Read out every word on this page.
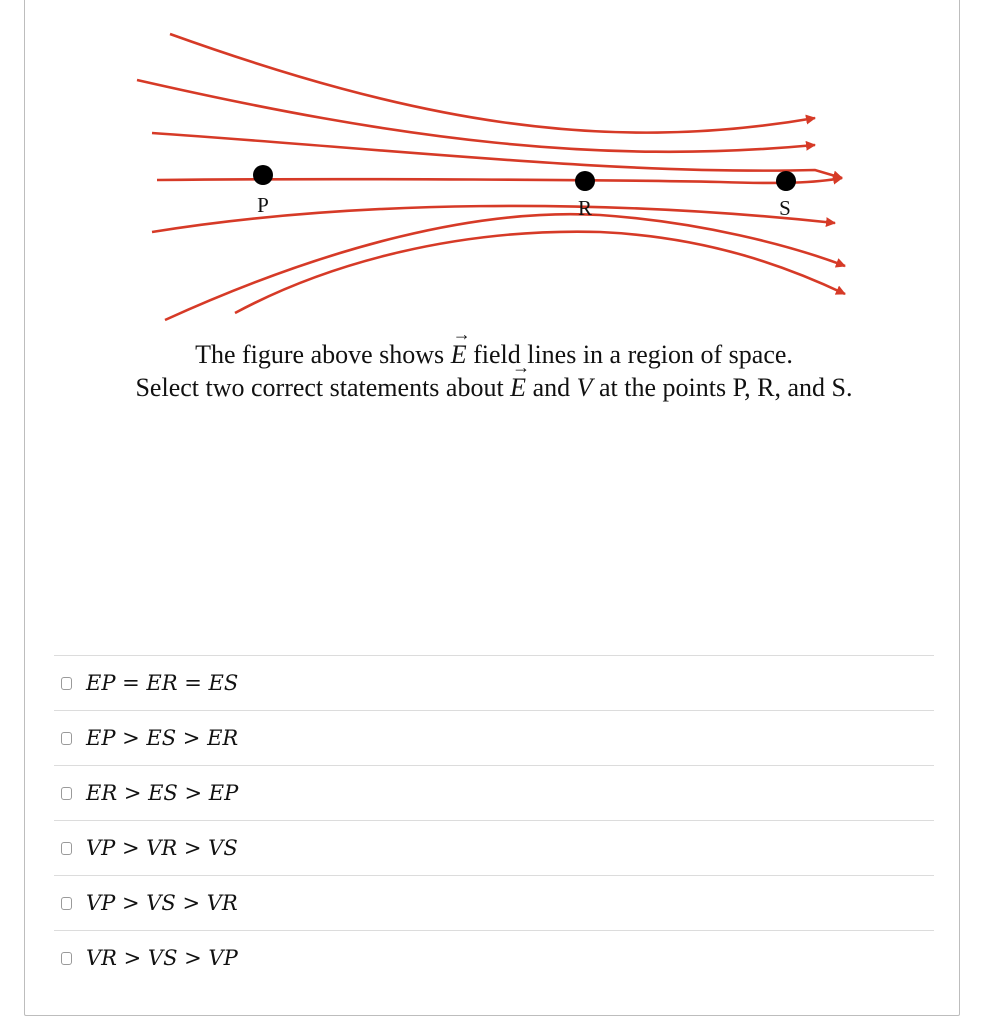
P	R	S
The figure above shows → E field lines in a region of space.
Select two correct statements about → E and V at the points P, R, and S.
EP = ER = ES
EP > ES > ER
ER > ES > EP
VP > VR > VS
VP > VS > VR
VR > VS > VP
